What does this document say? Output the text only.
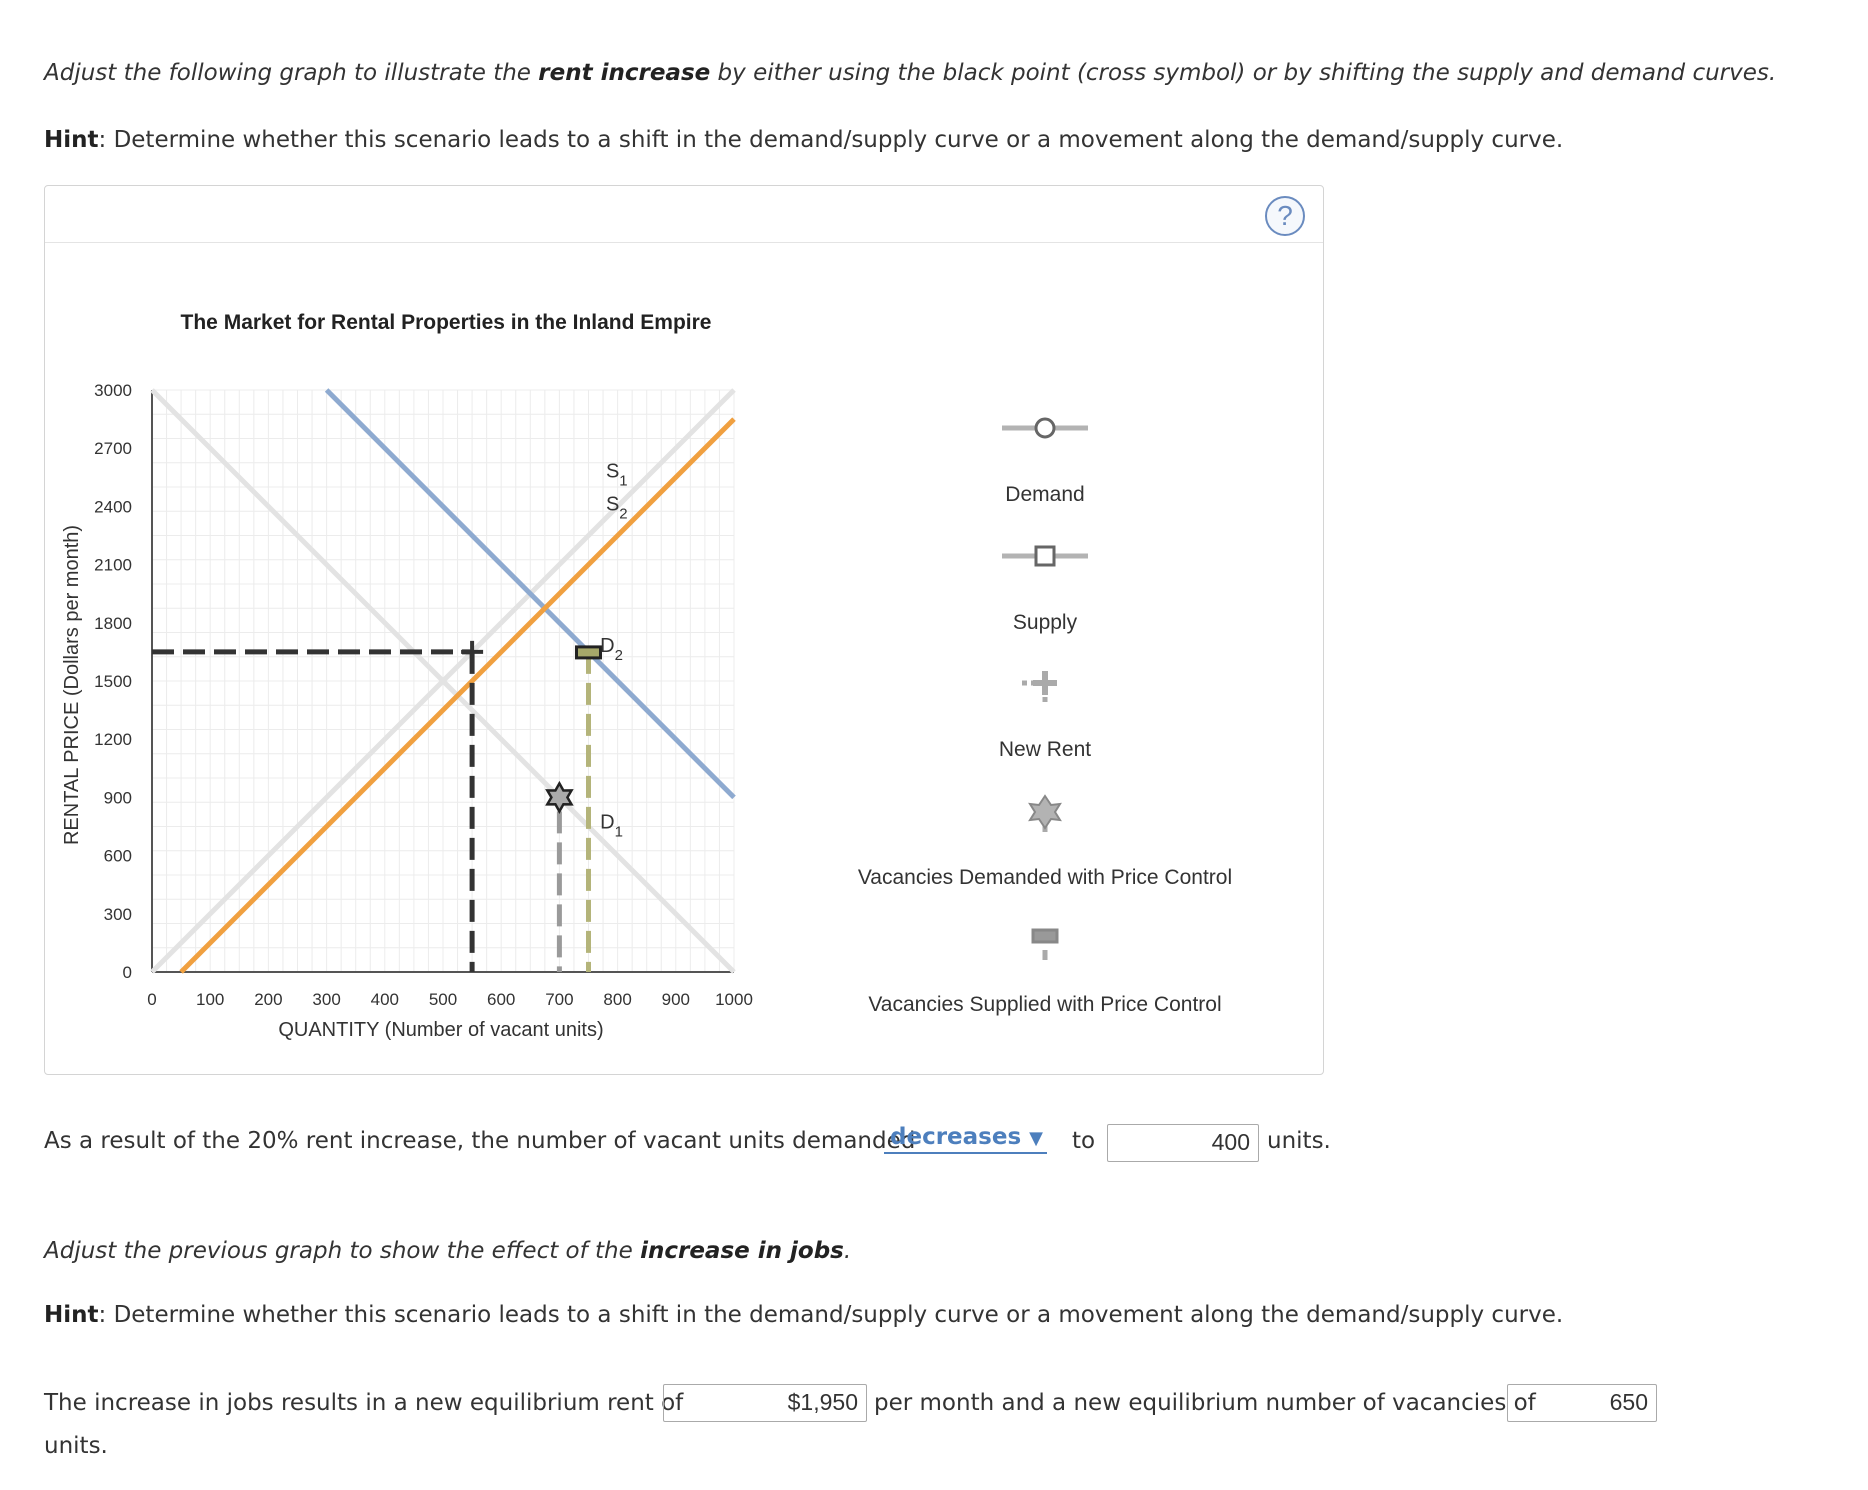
Adjust the following graph to illustrate the rent increase by either using the black point (cross symbol) or by shifting the supply and demand curves.
Hint: Determine whether this scenario leads to a shift in the demand/supply curve or a movement along the demand/supply curve.
?
The Market for Rental Properties in the Inland Empire
0
300
600
900
1200
1500
1800
2100
2400
2700
3000
0 100 200 300 400 500 600 700 800 900 1000
QUANTITY (Number of vacant units)
RENTAL PRICE (Dollars per month)
$S_1$
$S_2$
$D_2$
$D_1$
Demand
Supply
New Rent
Vacancies Demanded with Price Control
Vacancies Supplied with Price Control
As a result of the 20% rent increase, the number of vacant units demanded
decreases ▼ to	400 units.
Adjust the previous graph to show the effect of the increase in jobs.
Hint: Determine whether this scenario leads to a shift in the demand/supply curve or a movement along the demand/supply curve.
The increase in jobs results in a new equilibrium rent of	$1,950 per month and a new equilibrium number of vacancies of	650
units.
